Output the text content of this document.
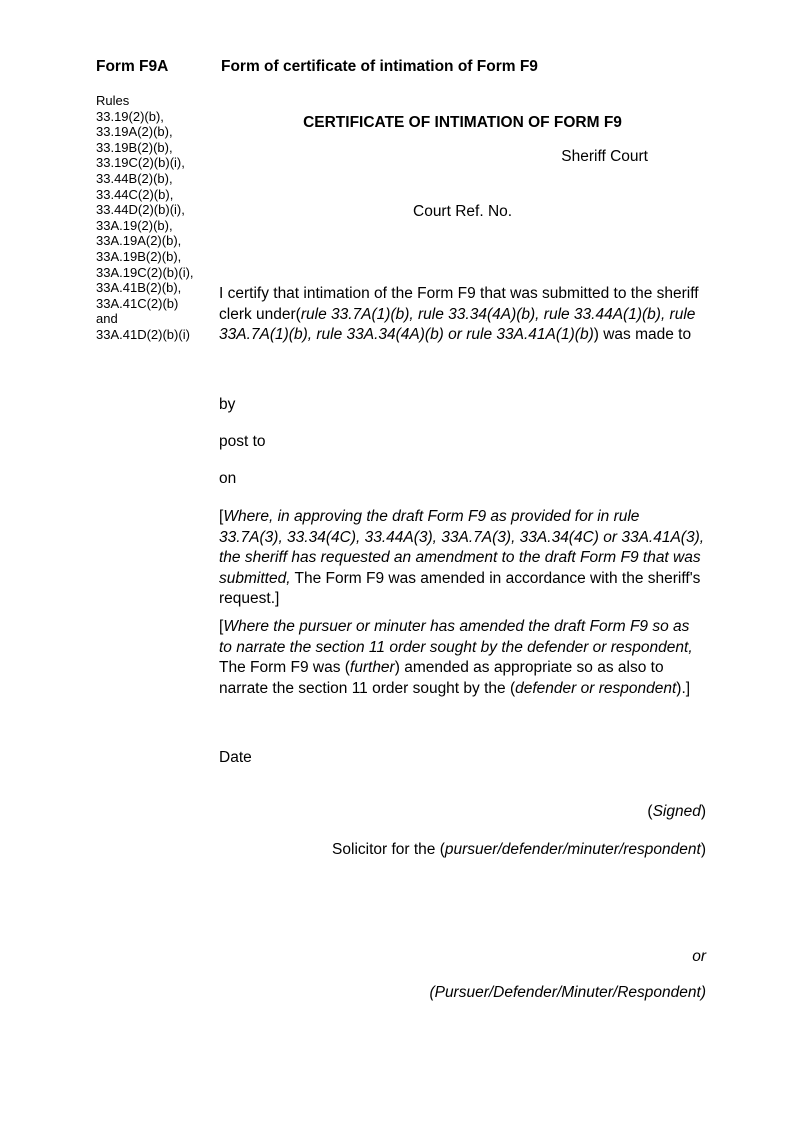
Form F9A	Form of certificate of intimation of Form F9
Rules
33.19(2)(b),
33.19A(2)(b),
33.19B(2)(b),
33.19C(2)(b)(i),
33.44B(2)(b),
33.44C(2)(b),
33.44D(2)(b)(i),
33A.19(2)(b),
33A.19A(2)(b),
33A.19B(2)(b),
33A.19C(2)(b)(i),
33A.41B(2)(b),
33A.41C(2)(b)
and
33A.41D(2)(b)(i)
CERTIFICATE OF INTIMATION OF FORM F9
Sheriff Court
Court Ref. No.
I certify that intimation of the Form F9 that was submitted to the sheriff clerk under(rule 33.7A(1)(b), rule 33.34(4A)(b), rule 33.44A(1)(b), rule 33A.7A(1)(b), rule 33A.34(4A)(b) or rule 33A.41A(1)(b)) was made to
by
post to
on
[Where, in approving the draft Form F9 as provided for in rule 33.7A(3), 33.34(4C), 33.44A(3), 33A.7A(3), 33A.34(4C) or 33A.41A(3), the sheriff has requested an amendment to the draft Form F9 that was submitted, The Form F9 was amended in accordance with the sheriff's request.]
[Where the pursuer or minuter has amended the draft Form F9 so as to narrate the section 11 order sought by the defender or respondent, The Form F9 was (further) amended as appropriate so as also to narrate the section 11 order sought by the (defender or respondent).]
Date
(Signed)
Solicitor for the (pursuer/defender/minuter/respondent)
or
(Pursuer/Defender/Minuter/Respondent)
